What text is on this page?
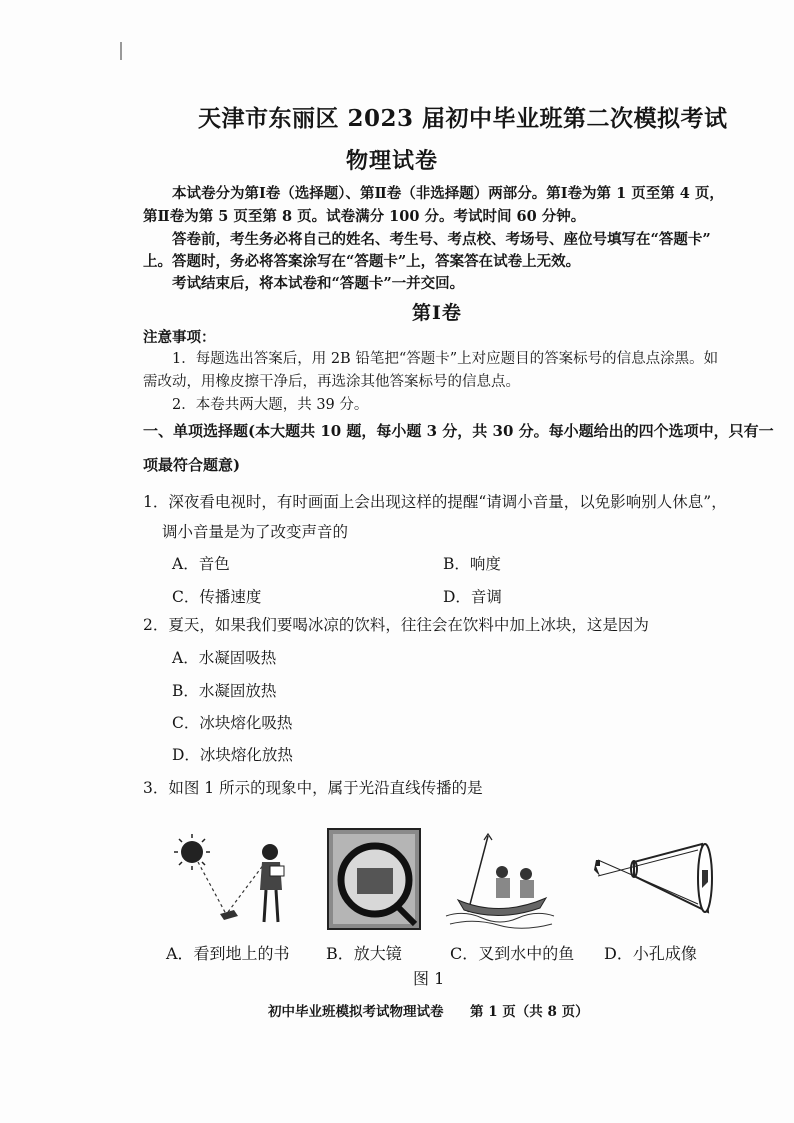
天津市东丽区 2023 届初中毕业班第二次模拟考试
物理试卷
本试卷分为第Ⅰ卷（选择题）、第Ⅱ卷（非选择题）两部分。第Ⅰ卷为第 1 页至第 4 页，
第Ⅱ卷为第 5 页至第 8 页。试卷满分 100 分。考试时间 60 分钟。
答卷前，考生务必将自己的姓名、考生号、考点校、考场号、座位号填写在“答题卡”
上。答题时，务必将答案涂写在“答题卡”上，答案答在试卷上无效。
考试结束后，将本试卷和“答题卡”一并交回。
第Ⅰ卷
注意事项：
1．每题选出答案后，用 2B 铅笔把“答题卡”上对应题目的答案标号的信息点涂黑。如
需改动，用橡皮擦干净后，再选涂其他答案标号的信息点。
2．本卷共两大题，共 39 分。
一、单项选择题(本大题共 10 题，每小题 3 分，共 30 分。每小题给出的四个选项中，只有一
项最符合题意)
1．深夜看电视时，有时画面上会出现这样的提醒“请调小音量，以免影响别人休息”，
调小音量是为了改变声音的
A．音色	B．响度
C．传播速度	D．音调
2．夏天，如果我们要喝冰凉的饮料，往往会在饮料中加上冰块，这是因为
A．水凝固吸热
B．水凝固放热
C．冰块熔化吸热
D．冰块熔化放热
3．如图 1 所示的现象中，属于光沿直线传播的是
A．看到地上的书 B．放大镜	C．叉到水中的鱼 D．小孔成像
图 1
初中毕业班模拟考试物理试卷 第 1 页（共 8 页）
